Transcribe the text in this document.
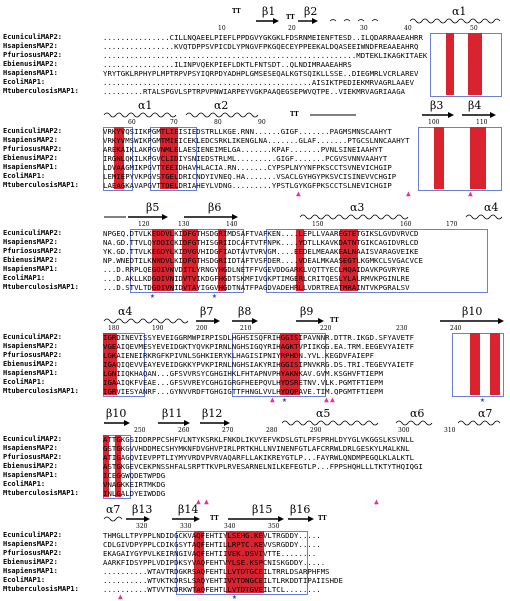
TT β1 TT β2	α1
10	20	30	40	50
EcuniculiMAP2:	...............CILLNQAEELPIEFLPPDGVYGKGKLFDSRNMEIENFTESD..ILQDARRAAEAHRR
HsapiensMAP2:	................KVQTDPPSVPICDLYPNGVFPKGQECEYPPEEKALDQASEEIWNDFREAAEAHRQ
PfuriosusMAP2:	.........................................................MDTEKLIKAGKITAEK
EbienusiMAP2:	................ILINPVQEKPIEFLDKTLFNTSDT..QLNDIMRAAEAHRS
HsapiensMAP1:	YRYTGKLRPHYPLMPTRPVPSYIQRPDYADHPLGMSESEQALKGTSQIKLLSSE..DIEGMRLVCRLAREV
EcoliMAP1:	...............................................AISIKTPEDIEKMRVAGRLAAEV
MtuberculosisMAP1:	.........RTALSPGVLSPTRPVPNWIARPEYVGKPAAQEGSEPWVQTPE..VIEKMRVAGRIAAGA
α1	α2
TT
β3 β4
60	70	80	90	100	110
EcuniculiMAP2:	VRKYVQSIIKPGMTLIEISIEDSTRLLKGE.RNN......GIGF.......PAGMSMNSCAAHYT
HsapiensMAP2:	VRKYVMSWIKPGMTMIEICEKLEDCSRKLIKENGLNA.......GLAF.......PTGCSLNNCAAHYT
PfuriosusMAP2:	AREKAIKLAKPGVNMLELAESIENEIMELGA.......KPAF.......PVNLSINEIAAHYT
EbienusiMAP2:	IRGNLQKILKPGVCLIDIYSNIEDSTRLML.........GIGF.......PCGVSVNNVAAHYT
HsapiensMAP1:	LDVAAGMIKPGVTTEEIDHAVHLACIA.RN.......CYPSPLNYYNFPKSCCTSVNEVICHGIP
EcoliMAP1:	LEMIEPYVKPGVSTGELDRICNDYIVNEQ.HA.......VSACLGYHGYPKSVCISINEVVCHGIP
MtuberculosisMAP1:	LAEAGKAVAPGVTTDELDRIAHEYLVDNG.........YPSTLGYKGFPKSCCTSLNEVICHGIP
▲	▲	▲
β5	β6	α3	α4
120	130	140	150	160	170
EcuniculiMAP2:	NPGEQ.DTVLKEDDVLKIDFGTHSDGRIMDSAFTVAFKEN....LEPLLVAAREGTETGIKSLGVDVRVCD
HsapiensMAP2:	NA.GD.TTVLQYDDICKIDFGTHISGRIIDCAFTVTFNPK....YDTLLKAVKDATNTGIKCAGIDVRLCD
PfuriosusMAP2:	YK.GD.TTVLKEGDYLKIDVGVHIDGFIADTAVTVRVGM....EEDELMEAAKEALNAAISVARAGVEIKE
EbienusiMAP2:	NP.WNEDTILKNNDVLKIDFGTHSDGRIIDTAFTVSFDER....VDEALMKAASEGTLKGMKCLSVGACVCE
HsapiensMAP1:	...D.RRPLQEGDIVNVDITLYRNGYHGDLNETFFVGEVDDGARKLVQTTYECLMQAIDAVKPGVRYRE
EcoliMAP1:	...D.AKLLKDGDIVNIDVTVIKDGFHGDTSKMFIVGKPTIMGERLCRITQESLYLALRMVKPGINLRE
MtuberculosisMAP1:	...D.STVLTDGDIVNIDVTAYIGGVHGDTNATFPAGDVADEHRLLVDRTREATMRAINTVKPGRALSV
★	★
α4	β7 β8	β9
TT
β10
180	190	200	210	220	230	240
EcuniculiMAP2:	IGRDINEVISSYEVEIGGRMWPIRPISDLHGHSISQFRIHGGISIPAVNNR.DTTR.IKGD.SFYAVETF
HsapiensMAP2:	VGEAIQEVMESYEVEIDGKTYQVKPIRNLNGHSIGQYRIHAGKTVPIIKGG.EA.TRM.EEGEVYAIETF
PfuriosusMAP2:	LGKAIENEIRKRGFKPIVNLSGHKIERYKLHAGISIPNIYRPHDN.YVL.KEGDVFAIEPF
EbienusiMAP2:	IGAQIQEVVEAYEVEIDGKKYPVKPIRNLNGHSIAKYRIHGGISIPNVKRG.DS.TRI.TEGEVYAIETF
HsapiensMAP1:	LGNIIQKHAQAN...GFSVVRSYCGHGIHKLFHTAPNVPHYAKNKAV.GVM.KSGHVFTIEPM
EcoliMAP1:	IGAAIQKFVEAE...GFSVVREYCGHGIGRGFHEEPQVLHYDSRETNV.VLK.PGMTFTIEPM
MtuberculosisMAP1:	IGRVIESYANRF...GYNVVRDFTGHGIGTTFHNGLVVLHYDQPAVE.TIM.QPGMTFTIEPM
▲ ★	▲ ▲	★
β10	β11 β12	α5	α6	α7
250	260	270	280	290	300	310
EcuniculiMAP2:	ATTGKGSIDDRPPCSHFVLNTYKSRKLFNKDLIKVYEFVKDSLGTLPFSPRHLDYYGLVKGGSLKSVNLL
HsapiensMAP2:	GSTGKGVVHDDMECSHYMKNFDVGHVPIRLPRTKHLLNVINENFGTLAFCRRWLDRLGESKYLMALKNL
PfuriosusMAP2:	ATIGAGQVIEVPPTLIYMYVRDVPVRVAQARFLLAKIKREYGTLP...FAYRWLQNDMPEGQLKLALKTL
EbienusiMAP2:	ASTGKGEVCEKPNSSHFALSRPTTKVPLRVESARNELNILKEFEGTLP...FPPSHQHLLLTKTYTHQIQGI
HsapiensMAP1:	ICEGGWQDETWPDG
EcoliMAP1:	VNAGKKEIRTMKDG
MtuberculosisMAP1:	INLGALDYEIWDDG
▲ ▲	▲
α7 β13 β14
TT
β15 β16
TT
320	330	340	350
EcuniculiMAP2:	THMGLLTPYPPLNDIDGCKVAQFEHTIYLSEHG.KEVLTRGDDY.....
HsapiensMAP2:	CDLGIVDPYPPLCDIKGSYTAQFEHTILLRPTC.KEVVSRGDDY.....
PfuriosusMAP2:	EKAGAIYGYPVLKEIRNGIVAQFEHTIIVEK.DSVIVTTE........
EbienusiMAP2:	AARKFIDSYPPLVDIPDKSYVAQFEHTVYLSE.KSPCNISKGDDY.....
HsapiensMAP1:	..........WTAVTRDGKRSAQFEHTLLVTDTGCEILTRRLDSARPHFMS
EcoliMAP1:	..........WTVKTKDRSLSAQYEHTIVVTDNGCEILTLRKDDTIPAIISHDE
MtuberculosisMAP1:	..........WTVVTKDRKWTAQFEHTLLVTDTGVEILTCL........
▲	★
